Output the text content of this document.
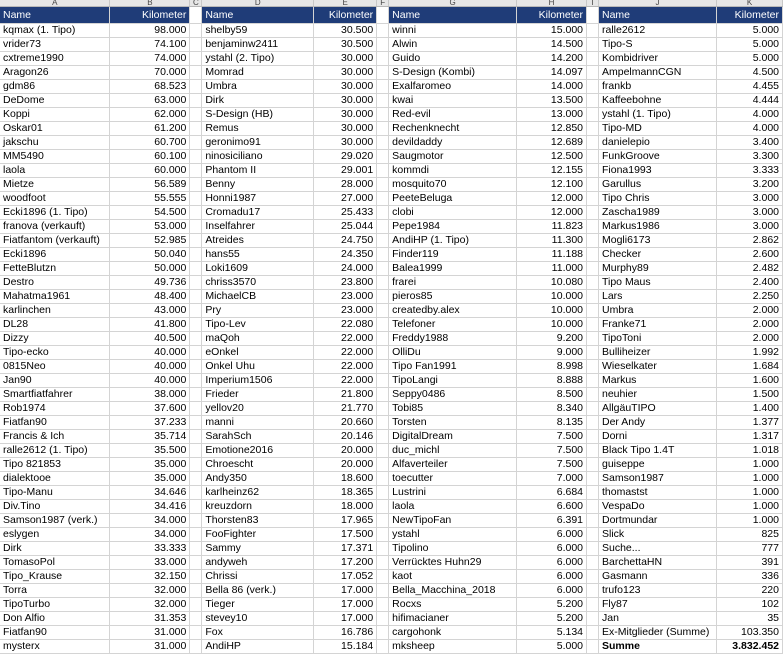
A	B	C	D	E	F	G	H	I	J	K
Name	Kilometer		Name	Kilometer		Name	Kilometer		Name	Kilometer
kqmax (1. Tipo)	98.000		shelby59	30.500		winni	15.000		ralle2612	5.000
vrider73	74.100		benjaminw2411	30.500		Alwin	14.500		Tipo-S	5.000
cxtreme1990	74.000		ystahl (2. Tipo)	30.000		Guido	14.200		Kombidriver	5.000
Aragon26	70.000		Momrad	30.000		S-Design (Kombi)	14.097		AmpelmannCGN	4.500
gdm86	68.523		Umbra	30.000		Exalfaromeo	14.000		frankb	4.455
DeDome	63.000		Dirk	30.000		kwai	13.500		Kaffeebohne	4.444
Koppi	62.000		S-Design (HB)	30.000		Red-evil	13.000		ystahl (1. Tipo)	4.000
Oskar01	61.200		Remus	30.000		Rechenknecht	12.850		Tipo-MD	4.000
jakschu	60.700		geronimo91	30.000		devildaddy	12.689		danielepio	3.400
MM5490	60.100		ninosiciliano	29.020		Saugmotor	12.500		FunkGroove	3.300
laola	60.000		Phantom II	29.001		kommdi	12.155		Fiona1993	3.333
Mietze	56.589		Benny	28.000		mosquito70	12.100		Garullus	3.200
woodfoot	55.555		Honni1987	27.000		PeeteBeluga	12.000		Tipo Chris	3.000
Ecki1896 (1. Tipo)	54.500		Cromadu17	25.433		clobi	12.000		Zascha1989	3.000
franova (verkauft)	53.000		Inselfahrer	25.044		Pepe1984	11.823		Markus1986	3.000
Fiatfantom (verkauft)	52.985		Atreides	24.750		AndiHP (1. Tipo)	11.300		Mogli6173	2.862
Ecki1896	50.040		hans55	24.350		Finder119	11.188		Checker	2.600
FetteBlutzn	50.000		Loki1609	24.000		Balea1999	11.000		Murphy89	2.482
Destro	49.736		chriss3570	23.800		frarei	10.080		Tipo Maus	2.400
Mahatma1961	48.400		MichaelCB	23.000		pieros85	10.000		Lars	2.250
karlinchen	43.000		Pry	23.000		createdby.alex	10.000		Umbra	2.000
DL28	41.800		Tipo-Lev	22.080		Telefoner	10.000		Franke71	2.000
Dizzy	40.500		maQoh	22.000		Freddy1988	9.200		TipoToni	2.000
Tipo-ecko	40.000		eOnkel	22.000		OlliDu	9.000		Bulliheizer	1.992
0815Neo	40.000		Onkel Uhu	22.000		Tipo Fan1991	8.998		Wieselkater	1.684
Jan90	40.000		Imperium1506	22.000		TipoLangi	8.888		Markus	1.600
Smartfiatfahrer	38.000		Frieder	21.800		Seppy0486	8.500		neuhier	1.500
Rob1974	37.600		yellov20	21.770		Tobi85	8.340		AllgäuTIPO	1.400
Fiatfan90	37.233		manni	20.660		Torsten	8.135		Der Andy	1.377
Francis & Ich	35.714		SarahSch	20.146		DigitalDream	7.500		Dorni	1.317
ralle2612 (1. Tipo)	35.500		Emotione2016	20.000		duc_michl	7.500		Black Tipo 1.4T	1.018
Tipo 821853	35.000		Chroescht	20.000		Alfaverteiler	7.500		guiseppe	1.000
dialektooe	35.000		Andy350	18.600		toecutter	7.000		Samson1987	1.000
Tipo-Manu	34.646		karlheinz62	18.365		Lustrini	6.684		thomastst	1.000
Div.Tino	34.416		kreuzdorn	18.000		laola	6.600		VespaDo	1.000
Samson1987 (verk.)	34.000		Thorsten83	17.965		NewTipoFan	6.391		Dortmundar	1.000
eslygen	34.000		FooFighter	17.500		ystahl	6.000		Slick	825
Dirk	33.333		Sammy	17.371		Tipolino	6.000		Suche...	777
TomasoPol	33.000		andyweh	17.200		Verrücktes Huhn29	6.000		BarchettaHN	391
Tipo_Krause	32.150		Chrissi	17.052		kaot	6.000		Gasmann	336
Torra	32.000		Bella 86 (verk.)	17.000		Bella_Macchina_2018	6.000		trufo123	220
TipoTurbo	32.000		Tieger	17.000		Rocxs	5.200		Fly87	102
Don Alfio	31.353		stevey10	17.000		hifimacianer	5.200		Jan	35
Fiatfan90	31.000		Fox	16.786		cargohonk	5.134		Ex-Mitglieder (Summe)	103.350
mysterx	31.000		AndiHP	15.184		mksheep	5.000		Summe	3.832.452
